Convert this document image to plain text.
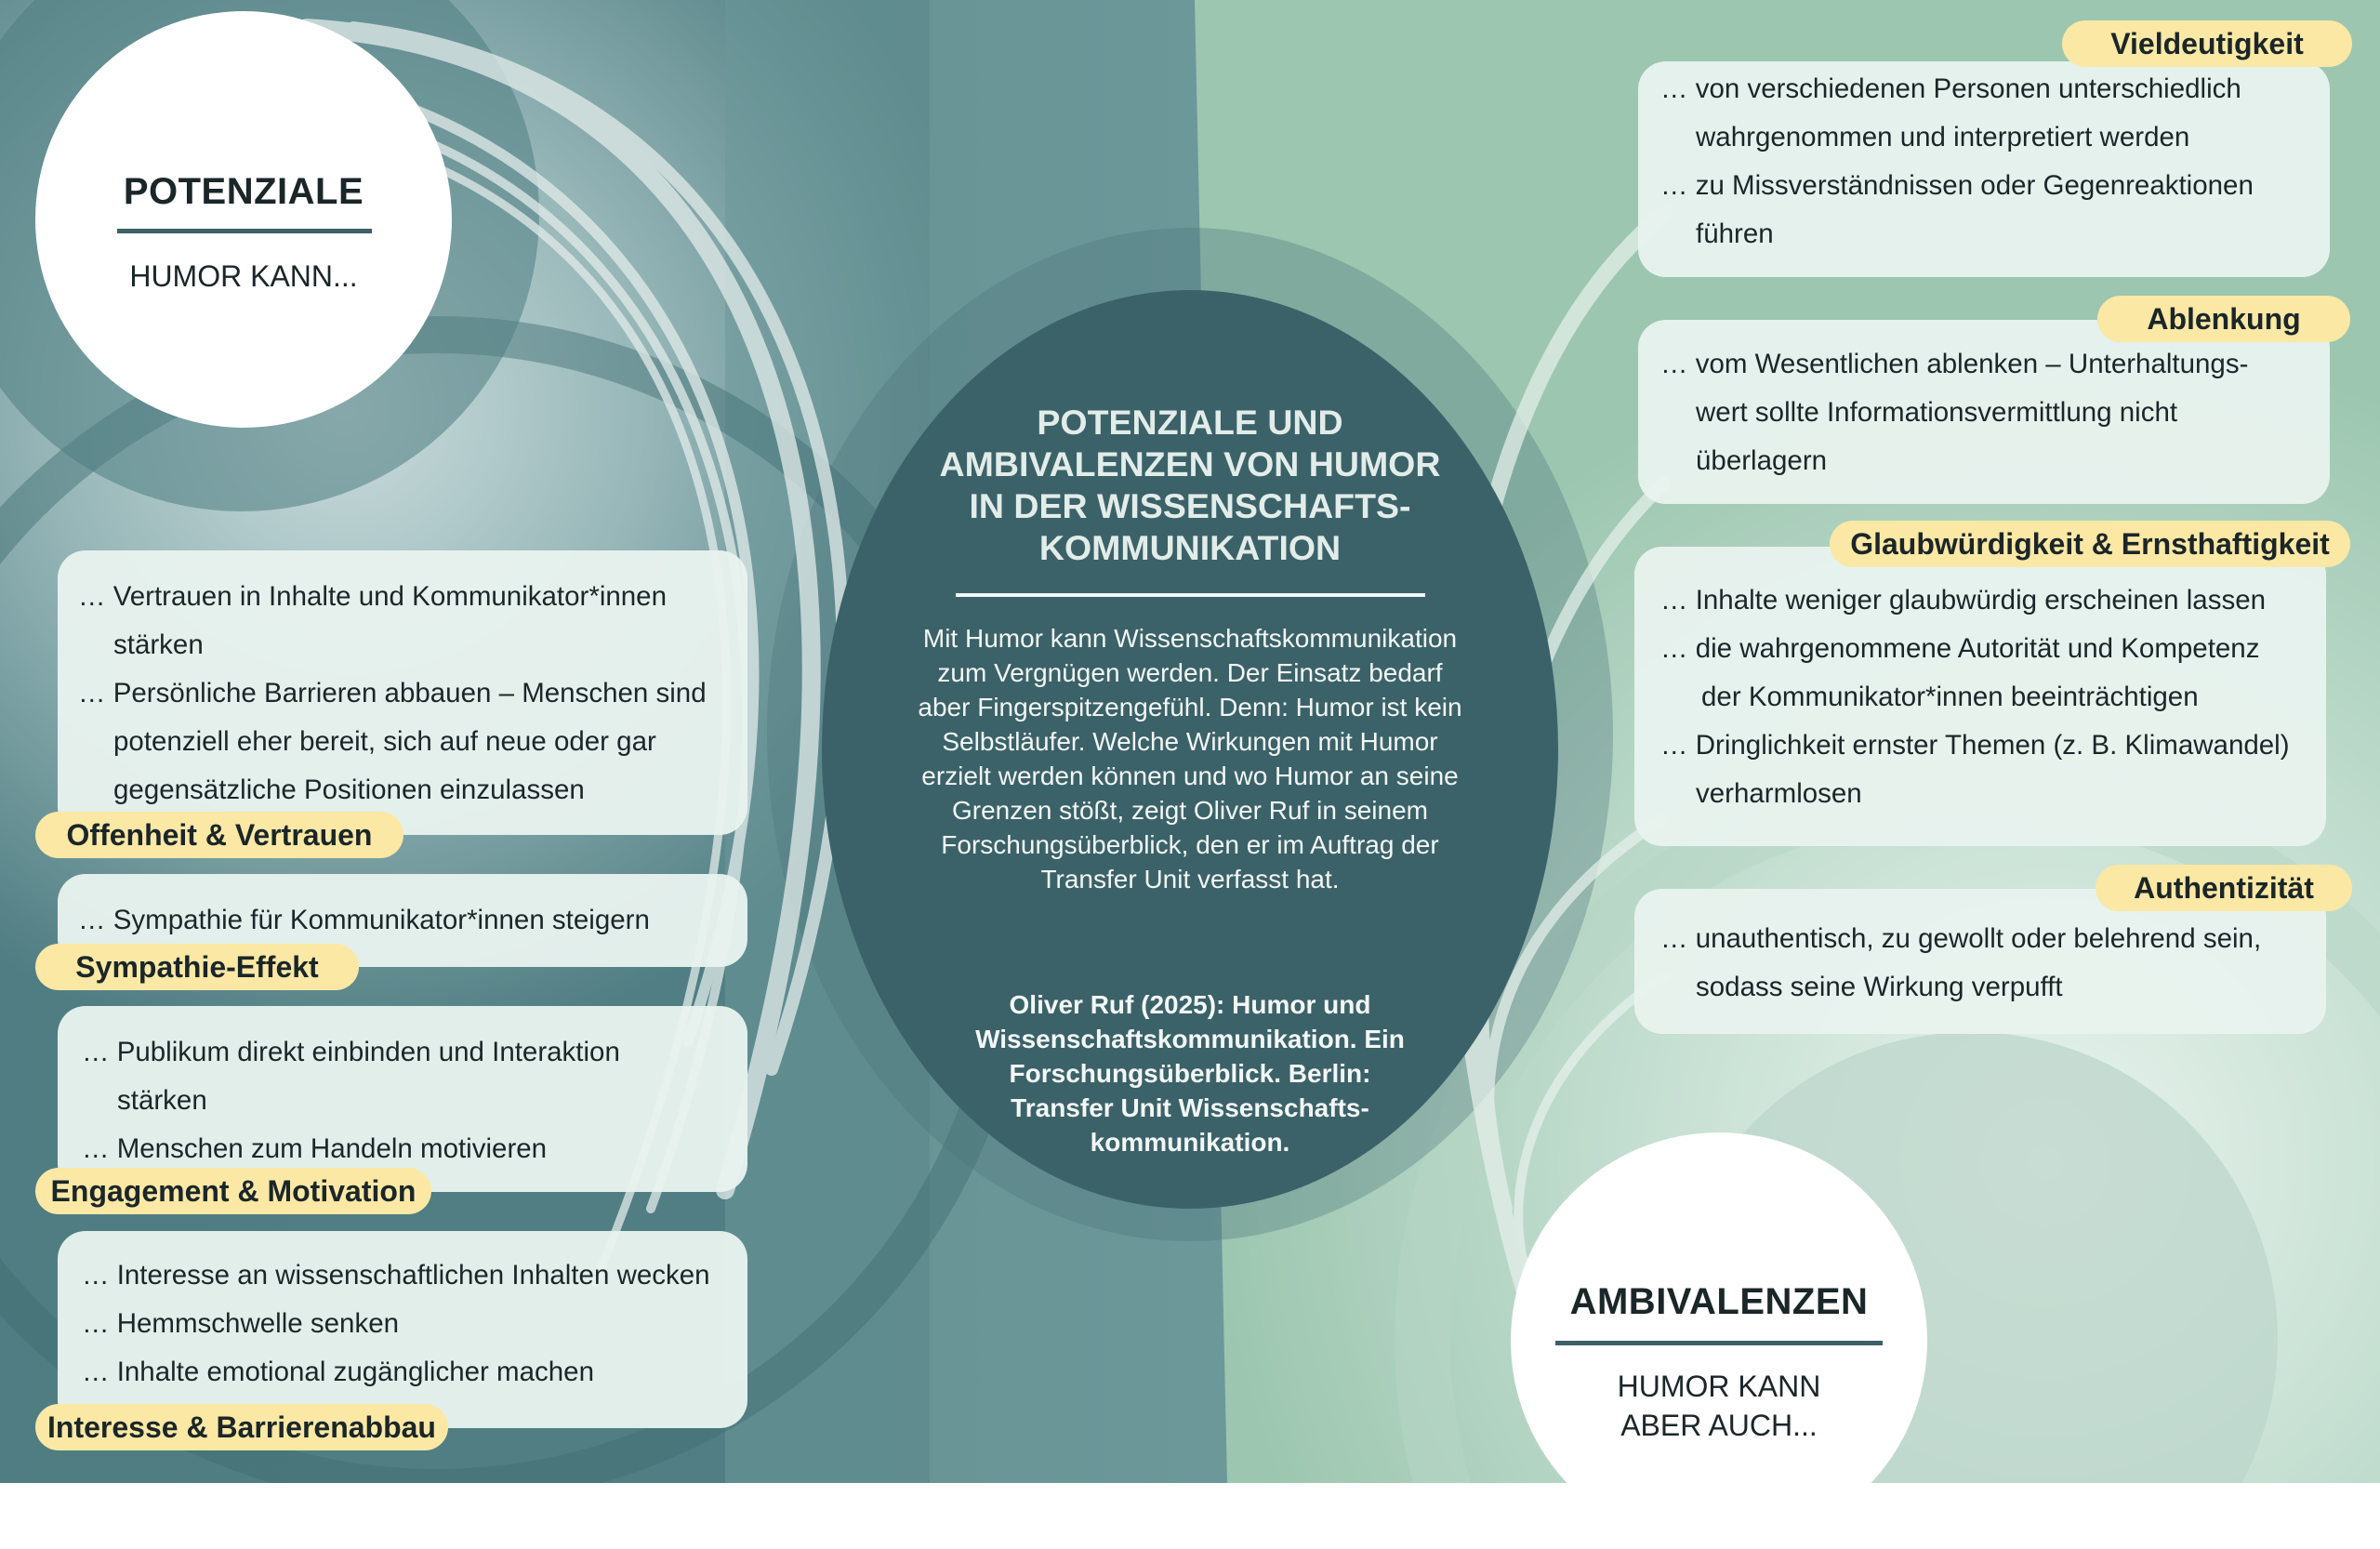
POTENZIALE
HUMOR KANN...
AMBIVALENZEN
HUMOR KANN
ABER AUCH...
POTENZIALE UND
AMBIVALENZEN VON HUMOR
IN DER WISSENSCHAFTS-
KOMMUNIKATION
Mit Humor kann Wissenschaftskommunikation
zum Vergnügen werden. Der Einsatz bedarf
aber Fingerspitzengefühl. Denn: Humor ist kein
Selbstläufer. Welche Wirkungen mit Humor
erzielt werden können und wo Humor an seine
Grenzen stößt, zeigt Oliver Ruf in seinem
Forschungsüberblick, den er im Auftrag der
Transfer Unit verfasst hat.
Oliver Ruf (2025): Humor und
Wissenschaftskommunikation. Ein
Forschungsüberblick. Berlin:
Transfer Unit Wissenschafts-
kommunikation.
… Vertrauen in Inhalte und Kommunikator*innen
stärken
… Persönliche Barrieren abbauen – Menschen sind
potenziell eher bereit, sich auf neue oder gar
gegensätzliche Positionen einzulassen
Offenheit & Vertrauen
… Sympathie für Kommunikator*innen steigern
Sympathie-Effekt
… Publikum direkt einbinden und Interaktion
stärken
… Menschen zum Handeln motivieren
Engagement & Motivation
… Interesse an wissenschaftlichen Inhalten wecken
… Hemmschwelle senken
… Inhalte emotional zugänglicher machen
Interesse & Barrierenabbau
… von verschiedenen Personen unterschiedlich
wahrgenommen und interpretiert werden
… zu Missverständnissen oder Gegenreaktionen
führen
Vieldeutigkeit
… vom Wesentlichen ablenken – Unterhaltungs-
wert sollte Informationsvermittlung nicht
überlagern
Ablenkung
… Inhalte weniger glaubwürdig erscheinen lassen
… die wahrgenommene Autorität und Kompetenz
der Kommunikator*innen beeinträchtigen
… Dringlichkeit ernster Themen (z. B. Klimawandel)
verharmlosen
Glaubwürdigkeit & Ernsthaftigkeit
… unauthentisch, zu gewollt oder belehrend sein,
sodass seine Wirkung verpufft
Authentizität
